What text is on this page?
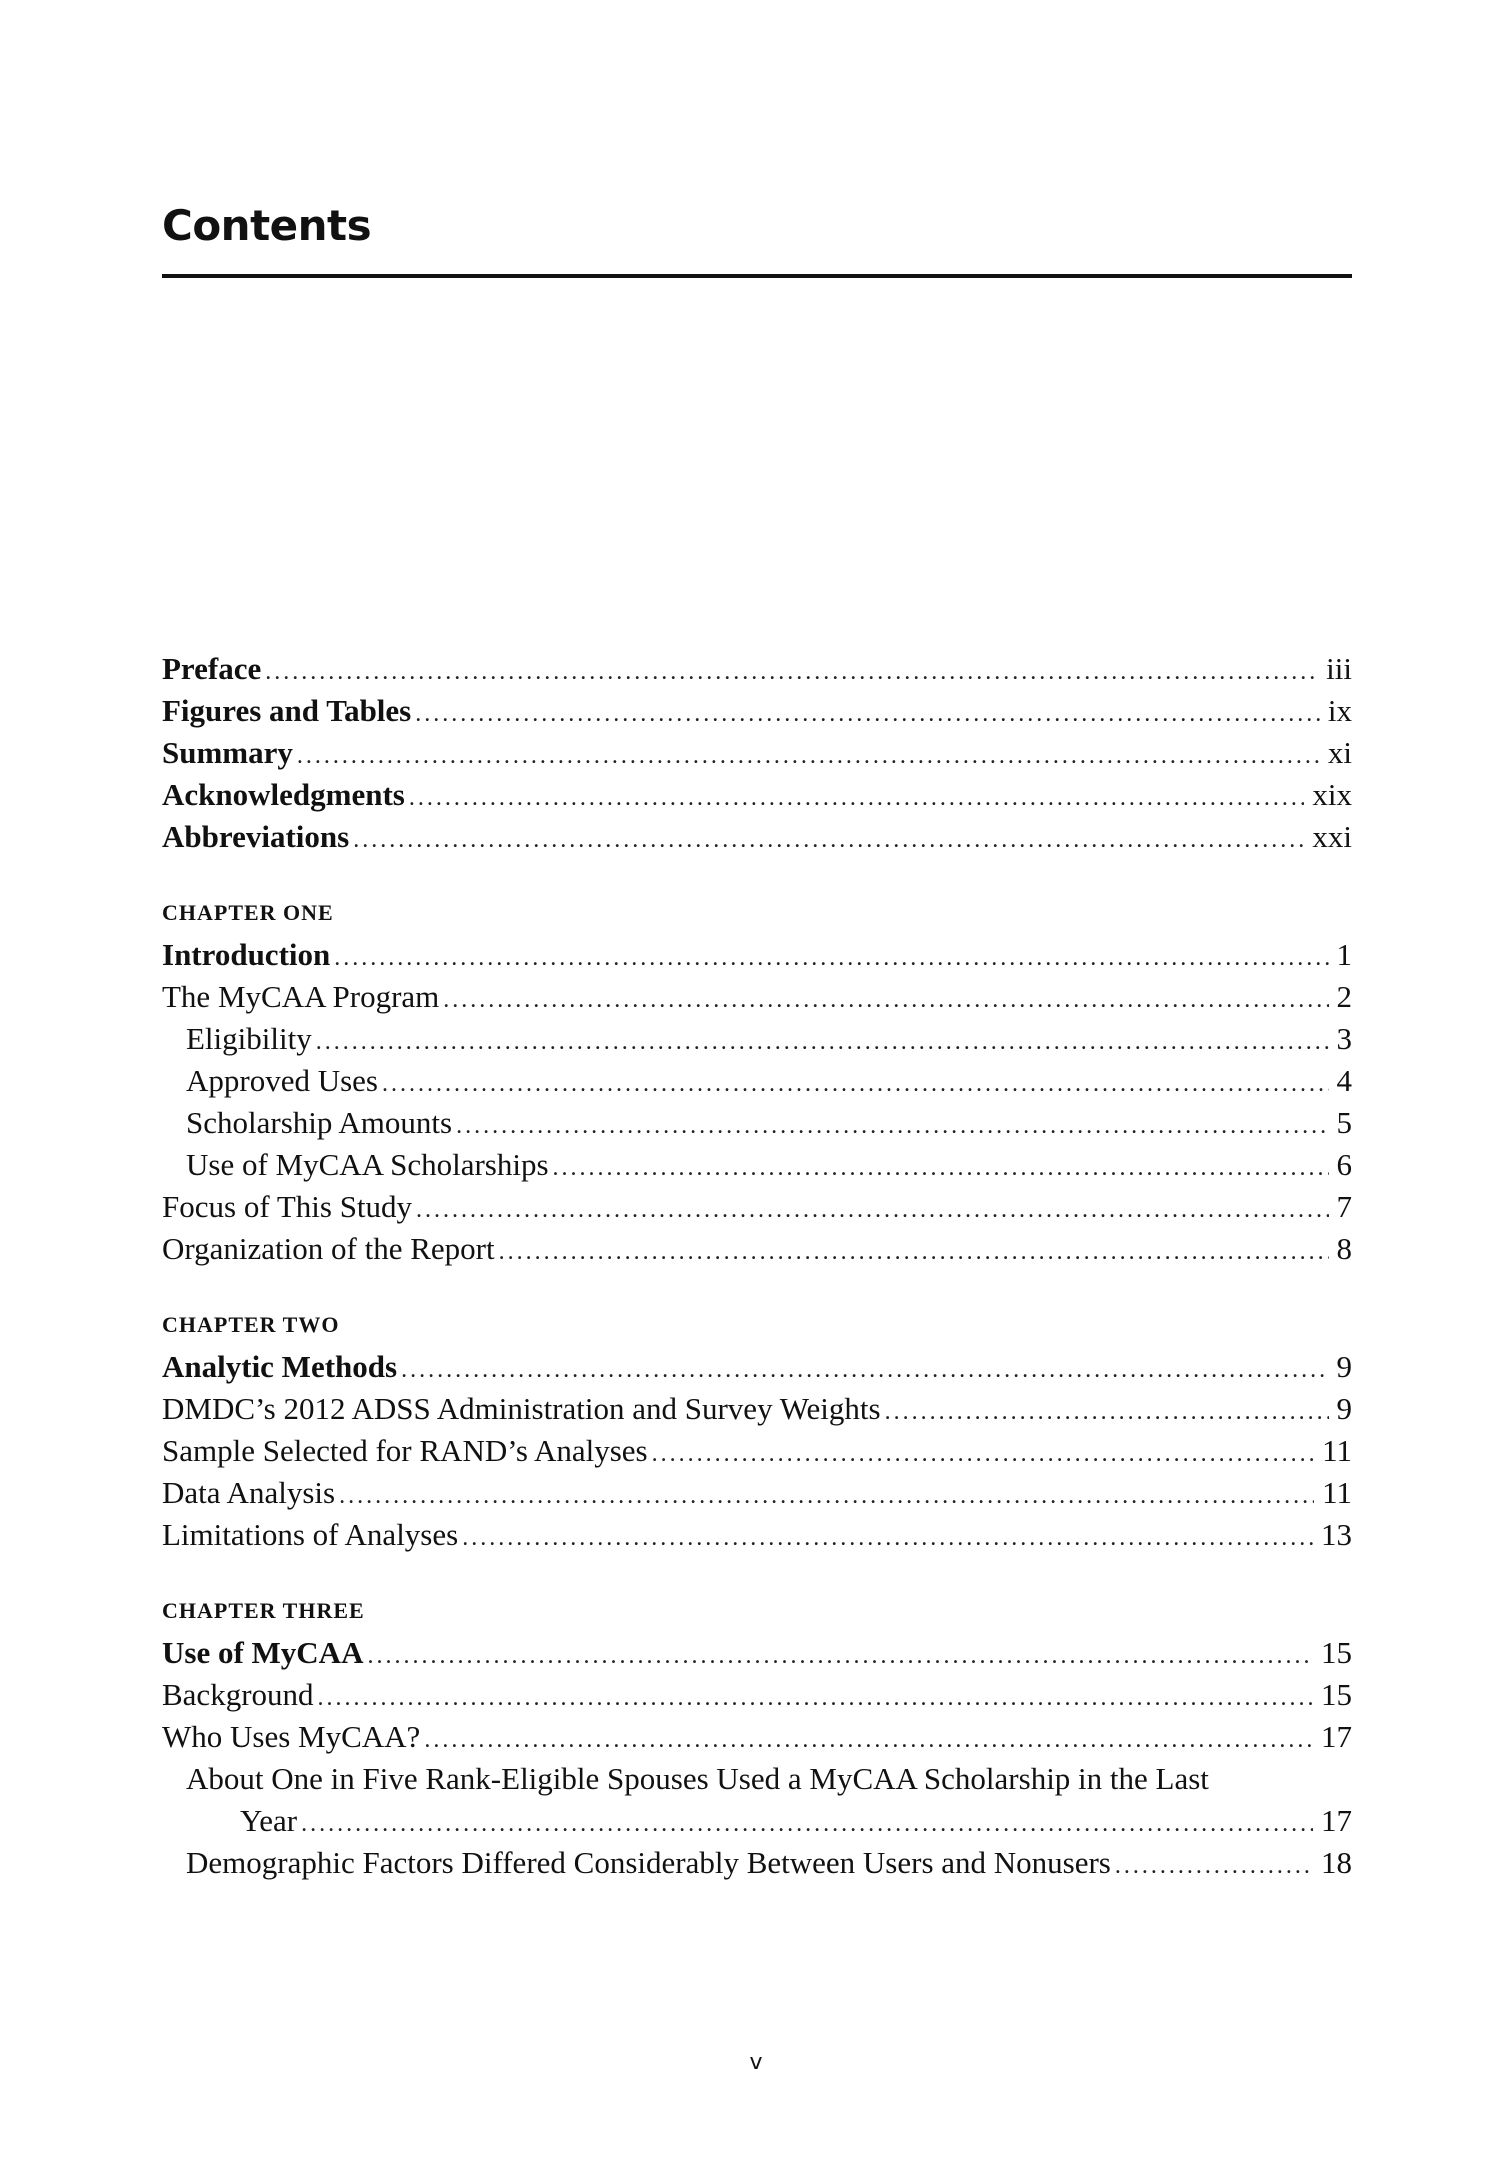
Contents
Preface .....	iii
Figures and Tables .....	ix
Summary .....	xi
Acknowledgments .....	xix
Abbreviations .....	xxi
CHAPTER ONE
Introduction .....	1
The MyCAA Program .....	2
Eligibility .....	3
Approved Uses .....	4
Scholarship Amounts .....	5
Use of MyCAA Scholarships .....	6
Focus of This Study .....	7
Organization of the Report .....	8
CHAPTER TWO
Analytic Methods .....	9
DMDC’s 2012 ADSS Administration and Survey Weights .....	9
Sample Selected for RAND’s Analyses .....	11
Data Analysis .....	11
Limitations of Analyses .....	13
CHAPTER THREE
Use of MyCAA .....	15
Background .....	15
Who Uses MyCAA? .....	17
About One in Five Rank-Eligible Spouses Used a MyCAA Scholarship in the Last
Year .....	17
Demographic Factors Differed Considerably Between Users and Nonusers .....	18
v
